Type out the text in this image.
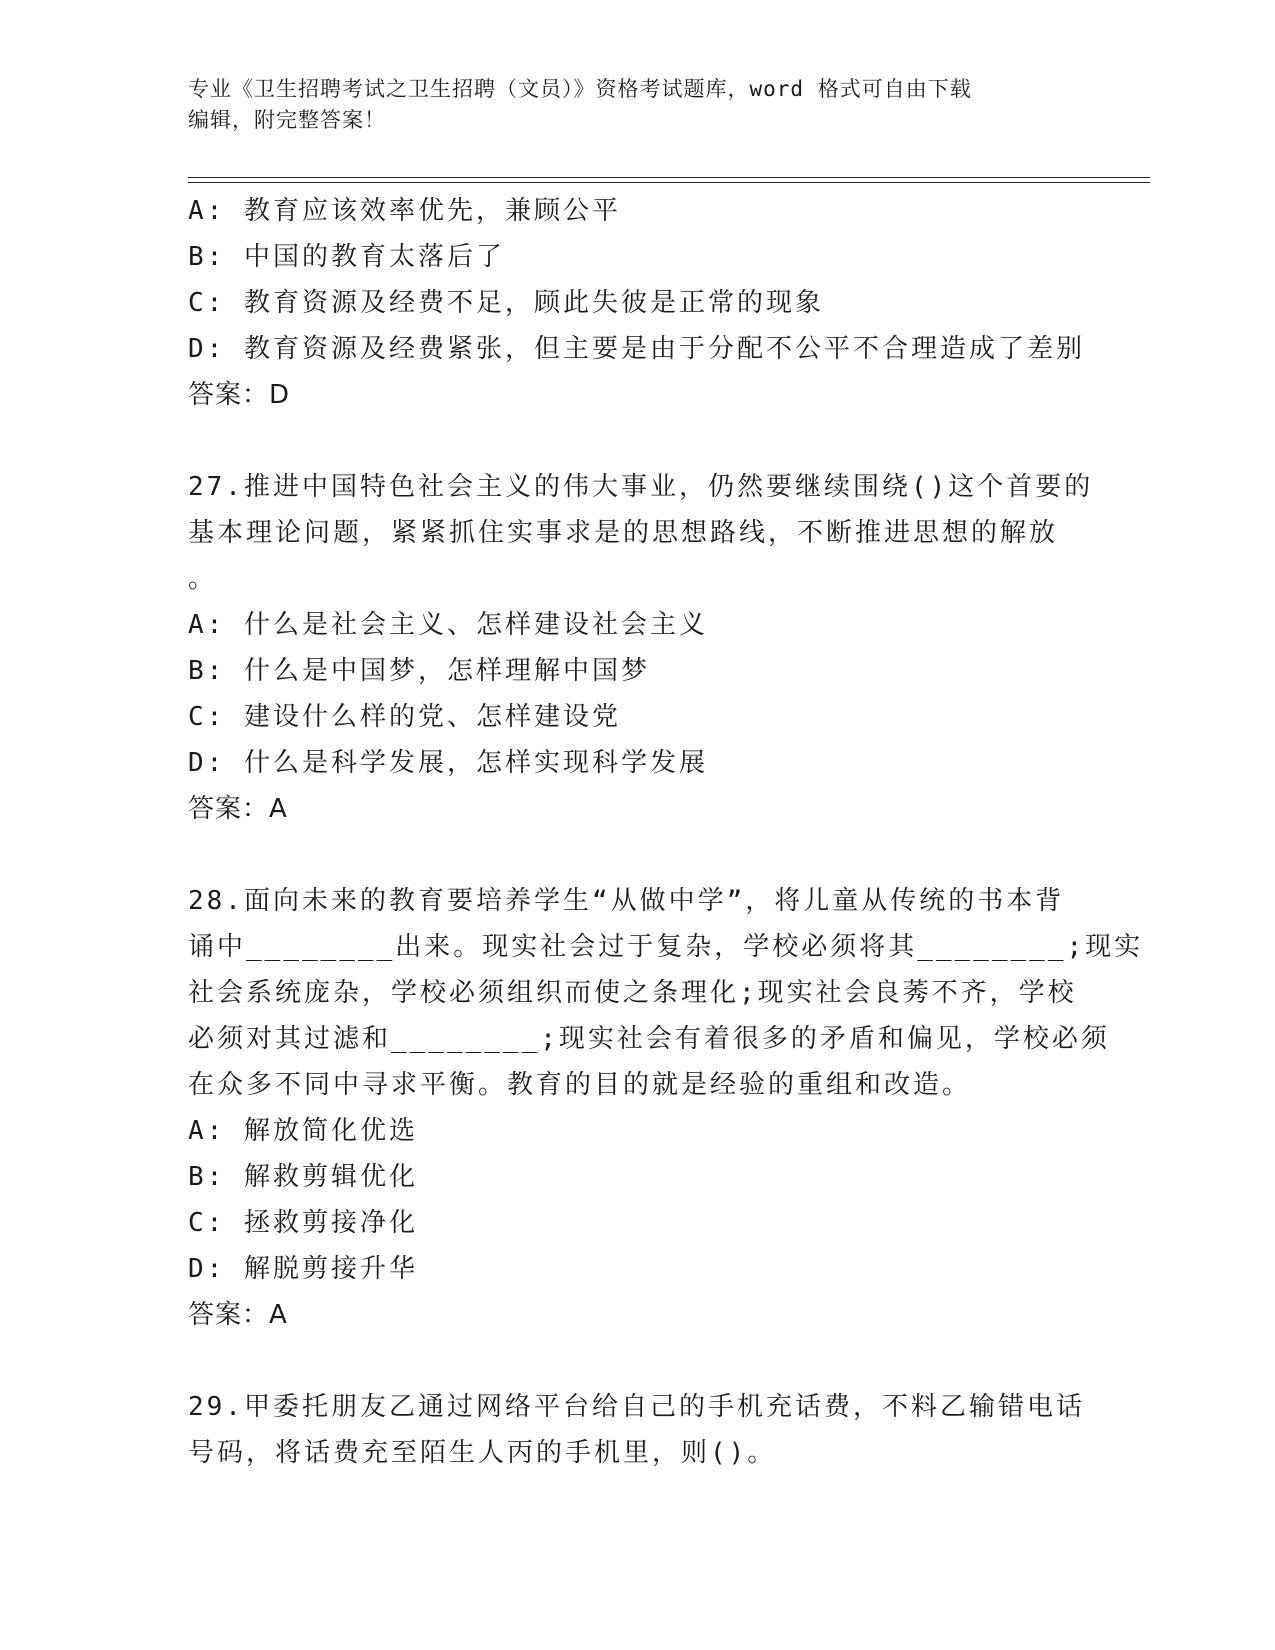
专业《卫生招聘考试之卫生招聘（文员）》资格考试题库，word 格式可自由下载
编辑，附完整答案！
A: 教育应该效率优先，兼顾公平
B: 中国的教育太落后了
C: 教育资源及经费不足，顾此失彼是正常的现象
D: 教育资源及经费紧张，但主要是由于分配不公平不合理造成了差别
答案：D
27.推进中国特色社会主义的伟大事业，仍然要继续围绕()这个首要的
基本理论问题，紧紧抓住实事求是的思想路线，不断推进思想的解放
。
A: 什么是社会主义、怎样建设社会主义
B: 什么是中国梦，怎样理解中国梦
C: 建设什么样的党、怎样建设党
D: 什么是科学发展，怎样实现科学发展
答案：A
28.面向未来的教育要培养学生“从做中学”，将儿童从传统的书本背
诵中________出来。现实社会过于复杂，学校必须将其________;现实
社会系统庞杂，学校必须组织而使之条理化;现实社会良莠不齐，学校
必须对其过滤和________;现实社会有着很多的矛盾和偏见，学校必须
在众多不同中寻求平衡。教育的目的就是经验的重组和改造。
A: 解放简化优选
B: 解救剪辑优化
C: 拯救剪接净化
D: 解脱剪接升华
答案：A
29.甲委托朋友乙通过网络平台给自己的手机充话费，不料乙输错电话
号码，将话费充至陌生人丙的手机里，则()。
